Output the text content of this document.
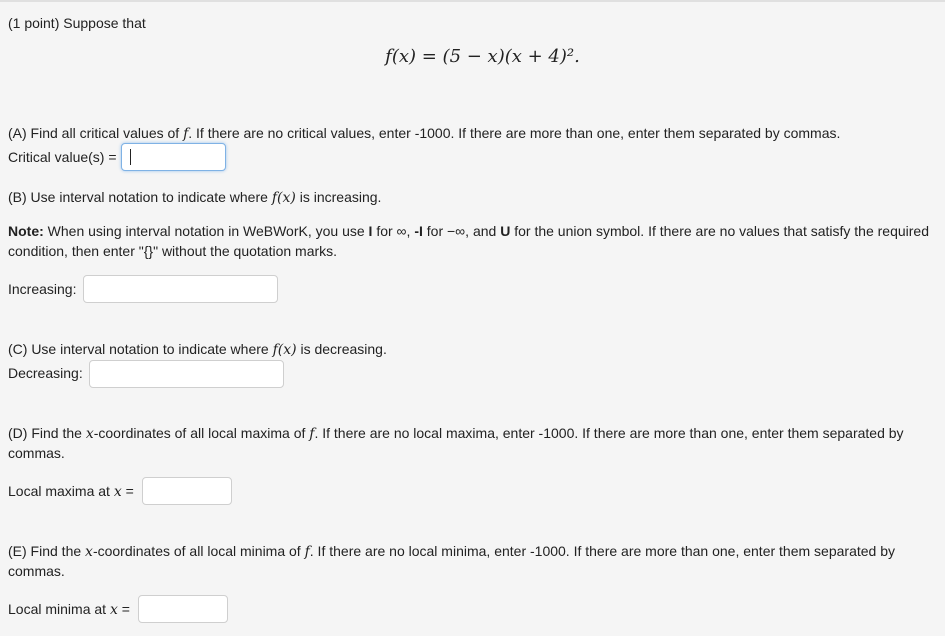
(1 point) Suppose that
f(x) = (5 − x)(x + 4)².
(A) Find all critical values of f. If there are no critical values, enter -1000. If there are more than one, enter them separated by commas.
Critical value(s) =
(B) Use interval notation to indicate where f(x) is increasing.
Note: When using interval notation in WeBWorK, you use I for ∞, -I for −∞, and U for the union symbol. If there are no values that satisfy the required
condition, then enter "{}" without the quotation marks.
Increasing:
(C) Use interval notation to indicate where f(x) is decreasing.
Decreasing:
(D) Find the x-coordinates of all local maxima of f. If there are no local maxima, enter -1000. If there are more than one, enter them separated by
commas.
Local maxima at x =
(E) Find the x-coordinates of all local minima of f. If there are no local minima, enter -1000. If there are more than one, enter them separated by
commas.
Local minima at x =
